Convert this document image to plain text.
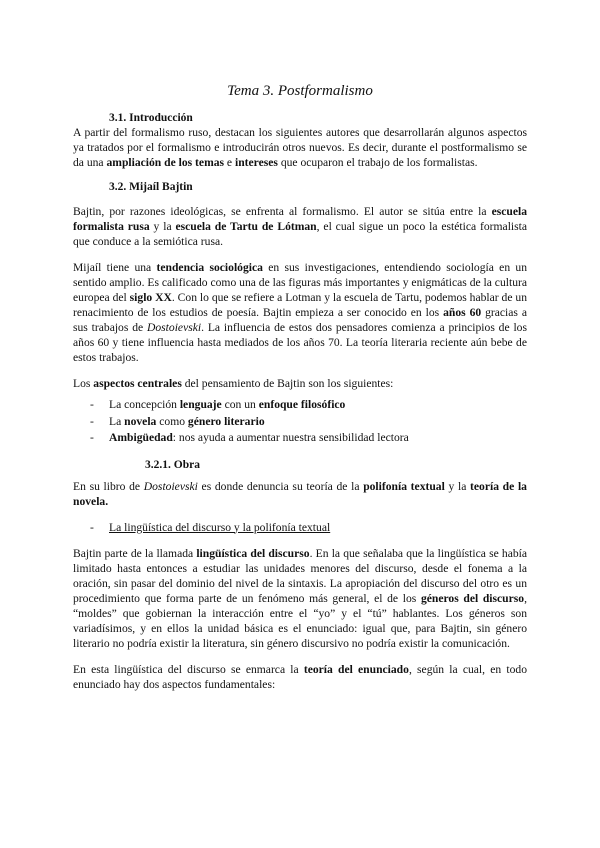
Tema 3. Postformalismo
3.1. Introducción

A partir del formalismo ruso, destacan los siguientes autores que desarrollarán algunos aspectos ya tratados por el formalismo e introducirán otros nuevos. Es decir, durante el postformalismo se da una ampliación de los temas e intereses que ocuparon el trabajo de los formalistas.

3.2. Mijaíl Bajtin

Bajtin, por razones ideológicas, se enfrenta al formalismo. El autor se sitúa entre la escuela formalista rusa y la escuela de Tartu de Lótman, el cual sigue un poco la estética formalista que conduce a la semiótica rusa.

Mijaíl tiene una tendencia sociológica en sus investigaciones, entendiendo sociología en un sentido amplio. Es calificado como una de las figuras más importantes y enigmáticas de la cultura europea del siglo XX. Con lo que se refiere a Lotman y la escuela de Tartu, podemos hablar de un renacimiento de los estudios de poesía. Bajtin empieza a ser conocido en los años 60 gracias a sus trabajos de Dostoievski. La influencia de estos dos pensadores comienza a principios de los años 60 y tiene influencia hasta mediados de los años 70. La teoría literaria reciente aún bebe de estos trabajos.

Los aspectos centrales del pensamiento de Bajtin son los siguientes:

- La concepción lenguaje con un enfoque filosófico
- La novela como género literario
- Ambigüedad: nos ayuda a aumentar nuestra sensibilidad lectora
3.2.1. Obra

En su libro de Dostoievski es donde denuncia su teoría de la polifonía textual y la teoría de la novela.

- La lingüística del discurso y la polifonía textual

Bajtin parte de la llamada lingüística del discurso. En la que señalaba que la lingüística se había limitado hasta entonces a estudiar las unidades menores del discurso, desde el fonema a la oración, sin pasar del dominio del nivel de la sintaxis. La apropiación del discurso del otro es un procedimiento que forma parte de un fenómeno más general, el de los géneros del discurso, “moldes” que gobiernan la interacción entre el “yo” y el “tú” hablantes. Los géneros son variadísimos, y en ellos la unidad básica es el enunciado: igual que, para Bajtin, sin género literario no podría existir la literatura, sin género discursivo no podría existir la comunicación.

En esta lingüística del discurso se enmarca la teoría del enunciado, según la cual, en todo enunciado hay dos aspectos fundamentales:
